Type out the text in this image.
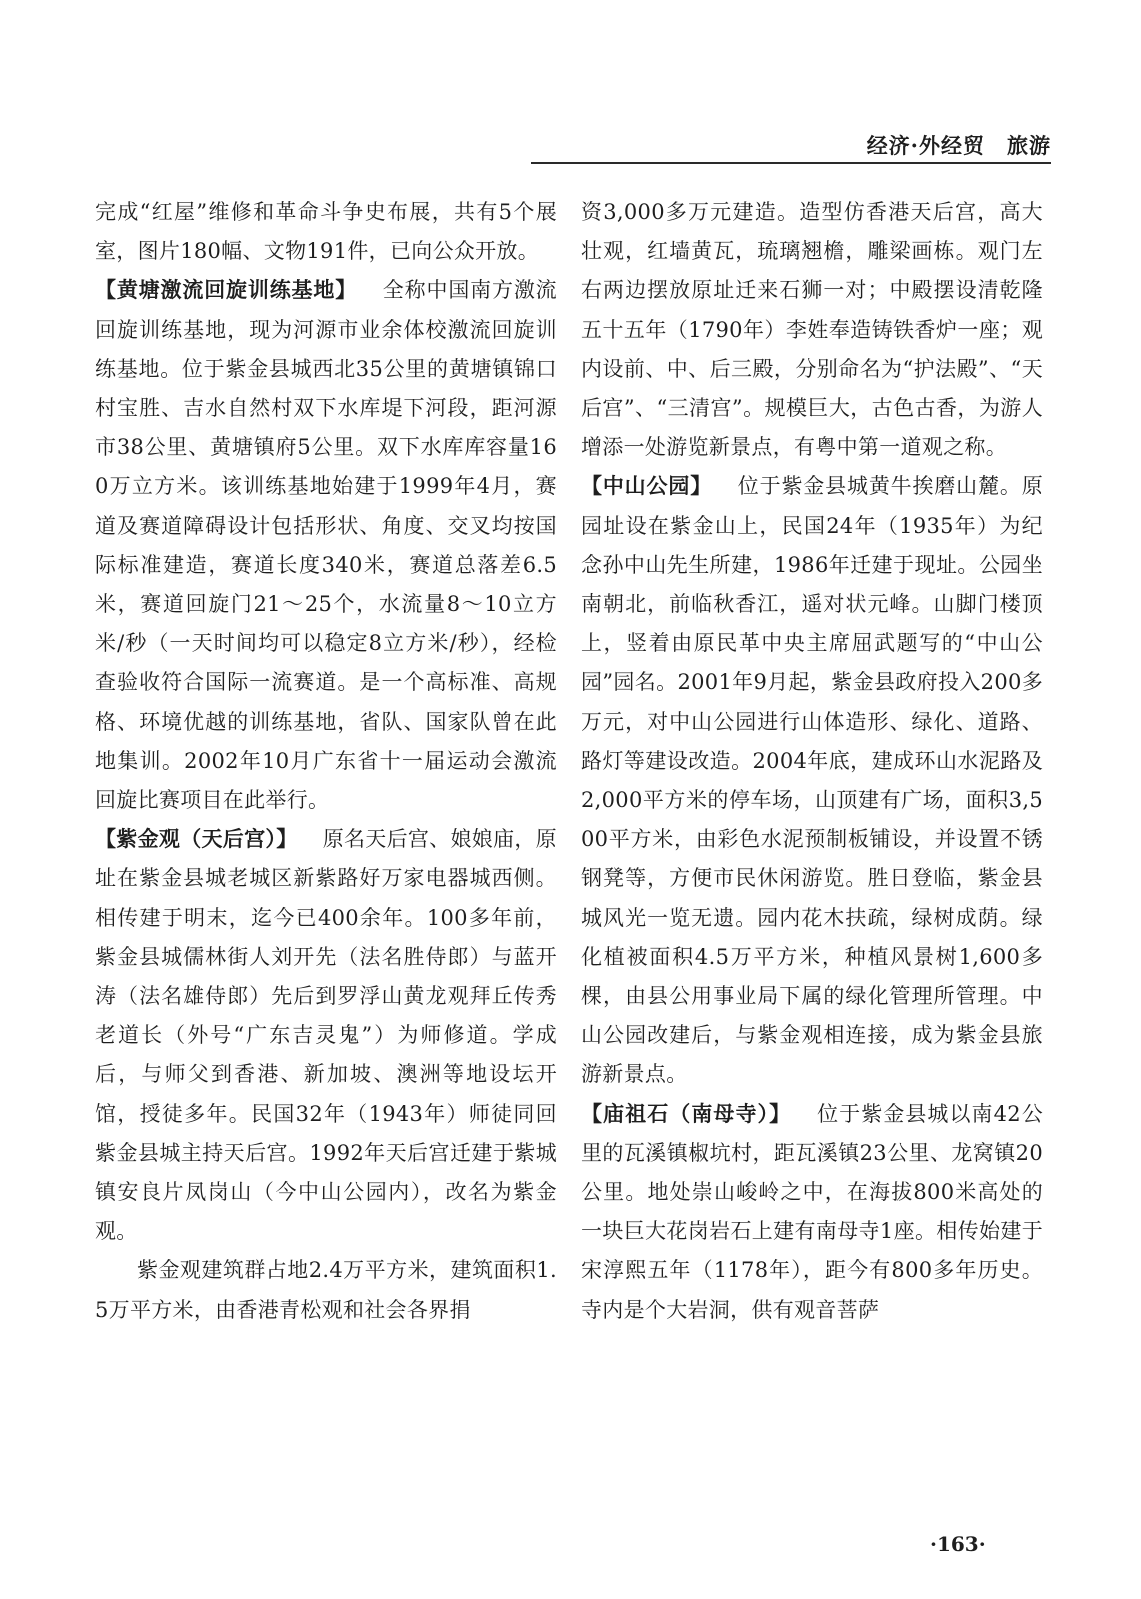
经济·外经贸　旅游

完成“红屋”维修和革命斗争史布展，共有5个展室，图片180幅、文物191件，已向公众开放。

【黄塘激流回旋训练基地】 全称中国南方激流回旋训练基地，现为河源市业余体校激流回旋训练基地。位于紫金县城西北35公里的黄塘镇锦口村宝胜、吉水自然村双下水库堤下河段，距河源市38公里、黄塘镇府5公里。双下水库库容量160万立方米。该训练基地始建于1999年4月，赛道及赛道障碍设计包括形状、角度、交叉均按国际标准建造，赛道长度340米，赛道总落差6.5米，赛道回旋门21～25个，水流量8～10立方米/秒（一天时间均可以稳定8立方米/秒），经检查验收符合国际一流赛道。是一个高标准、高规格、环境优越的训练基地，省队、国家队曾在此地集训。2002年10月广东省十一届运动会激流回旋比赛项目在此举行。

【紫金观（天后宫）】 原名天后宫、娘娘庙，原址在紫金县城老城区新紫路好万家电器城西侧。相传建于明末，迄今已400余年。100多年前，紫金县城儒林街人刘开先（法名胜侍郎）与蓝开涛（法名雄侍郎）先后到罗浮山黄龙观拜丘传秀老道长（外号“广东吉灵鬼”）为师修道。学成后，与师父到香港、新加坡、澳洲等地设坛开馆，授徒多年。民国32年（1943年）师徒同回紫金县城主持天后宫。1992年天后宫迁建于紫城镇安良片凤岗山（今中山公园内），改名为紫金观。

紫金观建筑群占地2.4万平方米，建筑面积1.5万平方米，由香港青松观和社会各界捐

资3,000多万元建造。造型仿香港天后宫，高大壮观，红墙黄瓦，琉璃翘檐，雕梁画栋。观门左右两边摆放原址迁来石狮一对；中殿摆设清乾隆五十五年（1790年）李姓奉造铸铁香炉一座；观内设前、中、后三殿，分别命名为“护法殿”、“天后宫”、“三清宫”。规模巨大，古色古香，为游人增添一处游览新景点，有粤中第一道观之称。

【中山公园】 位于紫金县城黄牛挨磨山麓。原园址设在紫金山上，民国24年（1935年）为纪念孙中山先生所建，1986年迁建于现址。公园坐南朝北，前临秋香江，遥对状元峰。山脚门楼顶上，竖着由原民革中央主席屈武题写的“中山公园”园名。2001年9月起，紫金县政府投入200多万元，对中山公园进行山体造形、绿化、道路、路灯等建设改造。2004年底，建成环山水泥路及2,000平方米的停车场，山顶建有广场，面积3,500平方米，由彩色水泥预制板铺设，并设置不锈钢凳等，方便市民休闲游览。胜日登临，紫金县城风光一览无遗。园内花木扶疏，绿树成荫。绿化植被面积4.5万平方米，种植风景树1,600多棵，由县公用事业局下属的绿化管理所管理。中山公园改建后，与紫金观相连接，成为紫金县旅游新景点。

【庙祖石（南母寺）】 位于紫金县城以南42公里的瓦溪镇椒坑村，距瓦溪镇23公里、龙窝镇20公里。地处崇山峻岭之中，在海拔800米高处的一块巨大花岗岩石上建有南母寺1座。相传始建于宋淳熙五年（1178年），距今有800多年历史。寺内是个大岩洞，供有观音菩萨

·163·
